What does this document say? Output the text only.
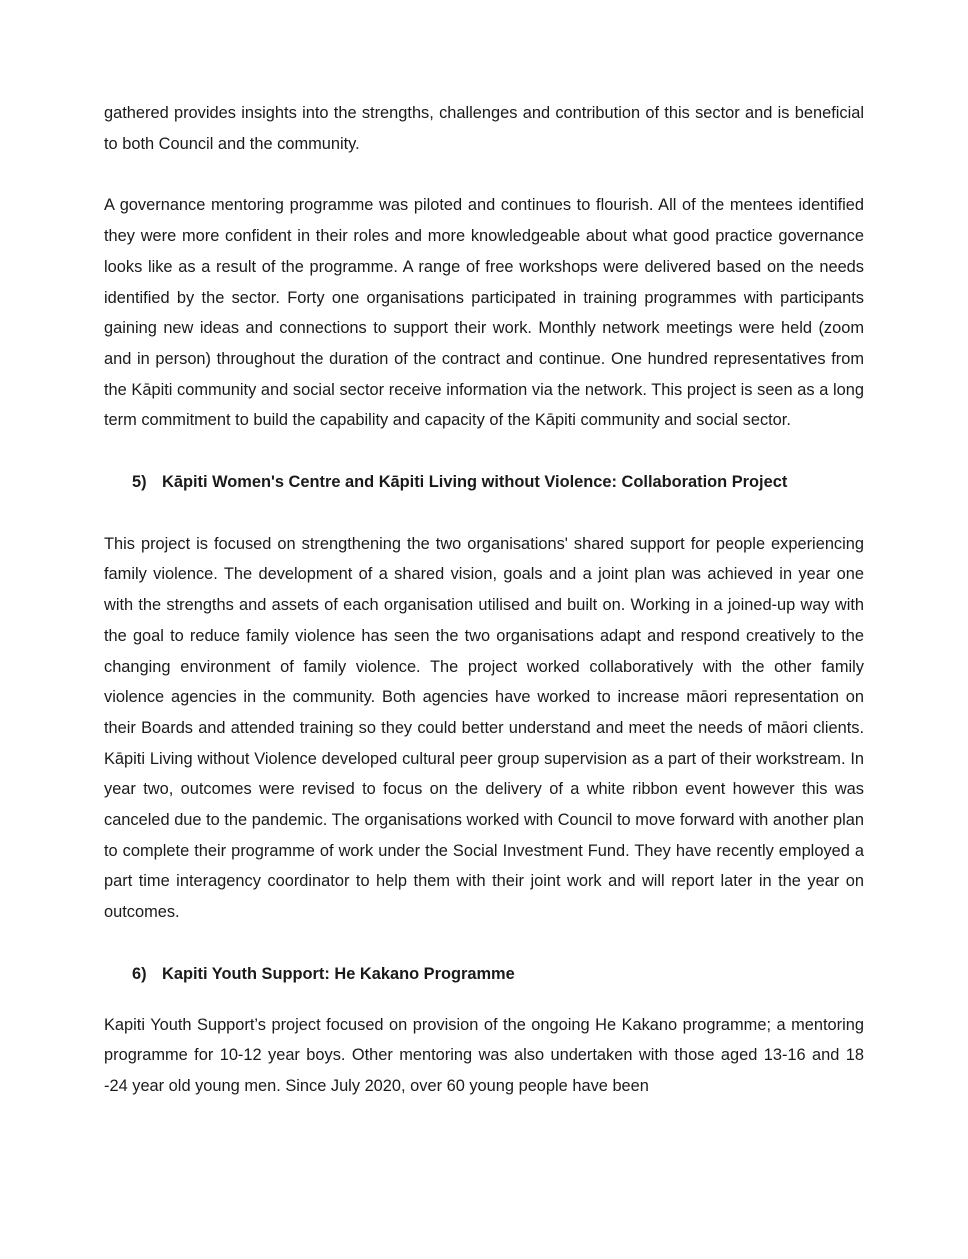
gathered provides insights into the strengths, challenges and contribution of this sector and is beneficial to both Council and the community.

A governance mentoring programme was piloted and continues to flourish. All of the mentees identified they were more confident in their roles and more knowledgeable about what good practice governance looks like as a result of the programme. A range of free workshops were delivered based on the needs identified by the sector. Forty one organisations participated in training programmes with participants gaining new ideas and connections to support their work. Monthly network meetings were held (zoom and in person) throughout the duration of the contract and continue. One hundred representatives from the Kāpiti community and social sector receive information via the network. This project is seen as a long term commitment to build the capability and capacity of the Kāpiti community and social sector.

5) Kāpiti Women's Centre and Kāpiti Living without Violence: Collaboration Project

This project is focused on strengthening the two organisations' shared support for people experiencing family violence. The development of a shared vision, goals and a joint plan was achieved in year one with the strengths and assets of each organisation utilised and built on. Working in a joined-up way with the goal to reduce family violence has seen the two organisations adapt and respond creatively to the changing environment of family violence. The project worked collaboratively with the other family violence agencies in the community. Both agencies have worked to increase māori representation on their Boards and attended training so they could better understand and meet the needs of māori clients. Kāpiti Living without Violence developed cultural peer group supervision as a part of their workstream. In year two, outcomes were revised to focus on the delivery of a white ribbon event however this was canceled due to the pandemic. The organisations worked with Council to move forward with another plan to complete their programme of work under the Social Investment Fund. They have recently employed a part time interagency coordinator to help them with their joint work and will report later in the year on outcomes.

6) Kapiti Youth Support: He Kakano Programme

Kapiti Youth Support’s project focused on provision of the ongoing He Kakano programme; a mentoring programme for 10-12 year boys. Other mentoring was also undertaken with those aged 13-16 and 18 -24 year old young men. Since July 2020, over 60 young people have been
